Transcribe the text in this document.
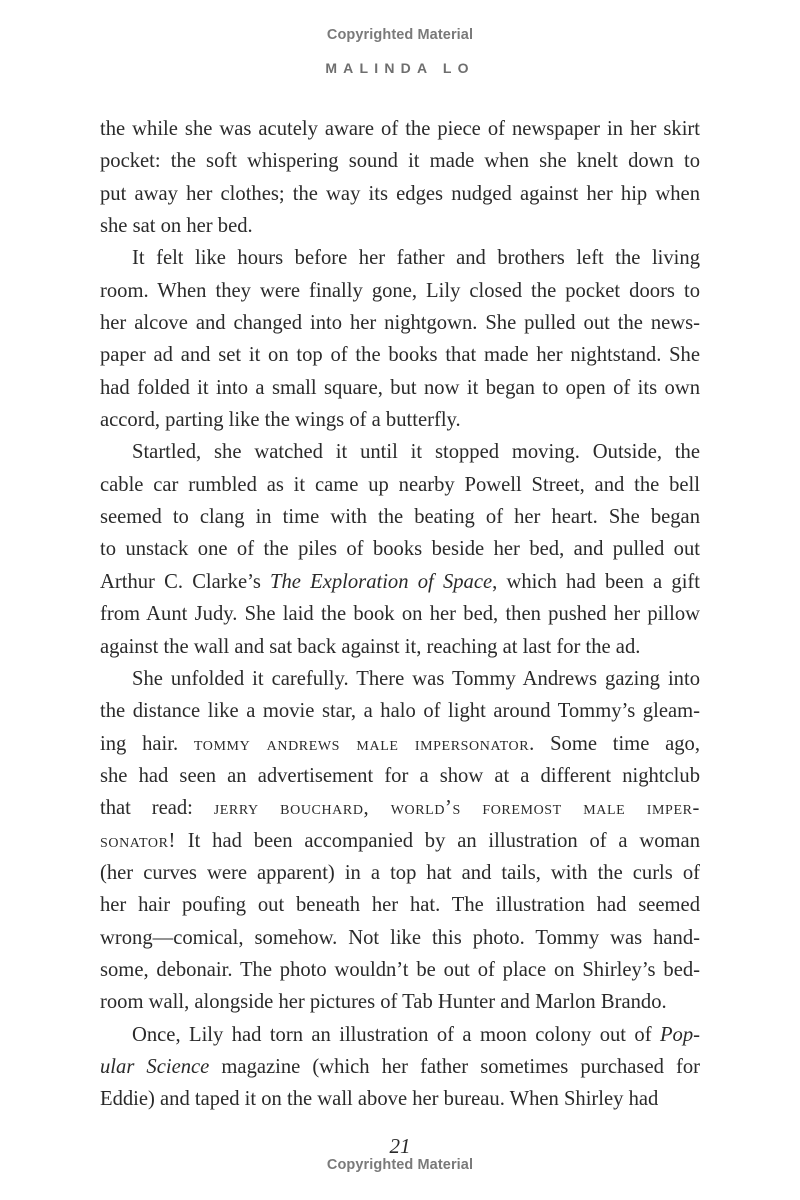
Copyrighted Material
MALINDA LO
the while she was acutely aware of the piece of newspaper in her skirt
pocket: the soft whispering sound it made when she knelt down to
put away her clothes; the way its edges nudged against her hip when
she sat on her bed.
It felt like hours before her father and brothers left the living
room. When they were finally gone, Lily closed the pocket doors to
her alcove and changed into her nightgown. She pulled out the news-
paper ad and set it on top of the books that made her nightstand. She
had folded it into a small square, but now it began to open of its own
accord, parting like the wings of a butterfly.
Startled, she watched it until it stopped moving. Outside, the
cable car rumbled as it came up nearby Powell Street, and the bell
seemed to clang in time with the beating of her heart. She began
to unstack one of the piles of books beside her bed, and pulled out
Arthur C. Clarke’s The Exploration of Space, which had been a gift
from Aunt Judy. She laid the book on her bed, then pushed her pillow
against the wall and sat back against it, reaching at last for the ad.
She unfolded it carefully. There was Tommy Andrews gazing into
the distance like a movie star, a halo of light around Tommy’s gleam-
ing hair. tommy andrews male impersonator. Some time ago,
she had seen an advertisement for a show at a different nightclub
that read: jerry bouchard, world’s foremost male imper-
sonator! It had been accompanied by an illustration of a woman
(her curves were apparent) in a top hat and tails, with the curls of
her hair poufing out beneath her hat. The illustration had seemed
wrong—comical, somehow. Not like this photo. Tommy was hand-
some, debonair. The photo wouldn’t be out of place on Shirley’s bed-
room wall, alongside her pictures of Tab Hunter and Marlon Brando.
Once, Lily had torn an illustration of a moon colony out of Pop-
ular Science magazine (which her father sometimes purchased for
Eddie) and taped it on the wall above her bureau. When Shirley had
21
Copyrighted Material
